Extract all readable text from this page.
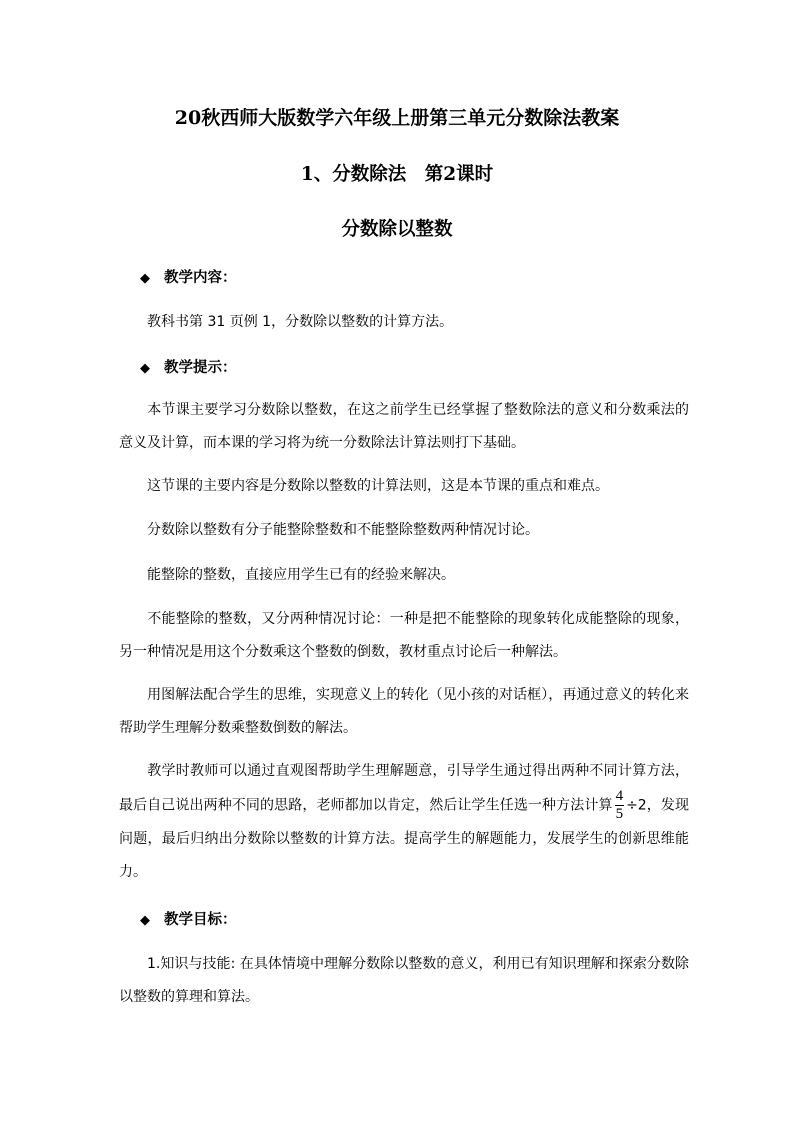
20秋西师大版数学六年级上册第三单元分数除法教案
1、分数除法　第2课时
分数除以整数
◆ 教学内容：
教科书第 31 页例 1，分数除以整数的计算方法。
◆ 教学提示：
本节课主要学习分数除以整数，在这之前学生已经掌握了整数除法的意义和分数乘法的意义及计算，而本课的学习将为统一分数除法计算法则打下基础。
这节课的主要内容是分数除以整数的计算法则，这是本节课的重点和难点。
分数除以整数有分子能整除整数和不能整除整数两种情况讨论。
能整除的整数，直接应用学生已有的经验来解决。
不能整除的整数，又分两种情况讨论：一种是把不能整除的现象转化成能整除的现象，另一种情况是用这个分数乘这个整数的倒数，教材重点讨论后一种解法。
用图解法配合学生的思维，实现意义上的转化（见小孩的对话框），再通过意义的转化来帮助学生理解分数乘整数倒数的解法。
教学时教师可以通过直观图帮助学生理解题意，引导学生通过得出两种不同计算方法，最后自己说出两种不同的思路，老师都加以肯定，然后让学生任选一种方法计算 $\frac{4}{5} \div 2$，发现问题，最后归纳出分数除以整数的计算方法。提高学生的解题能力，发展学生的创新思维能力。
◆ 教学目标：
1.知识与技能: 在具体情境中理解分数除以整数的意义，利用已有知识理解和探索分数除以整数的算理和算法。
